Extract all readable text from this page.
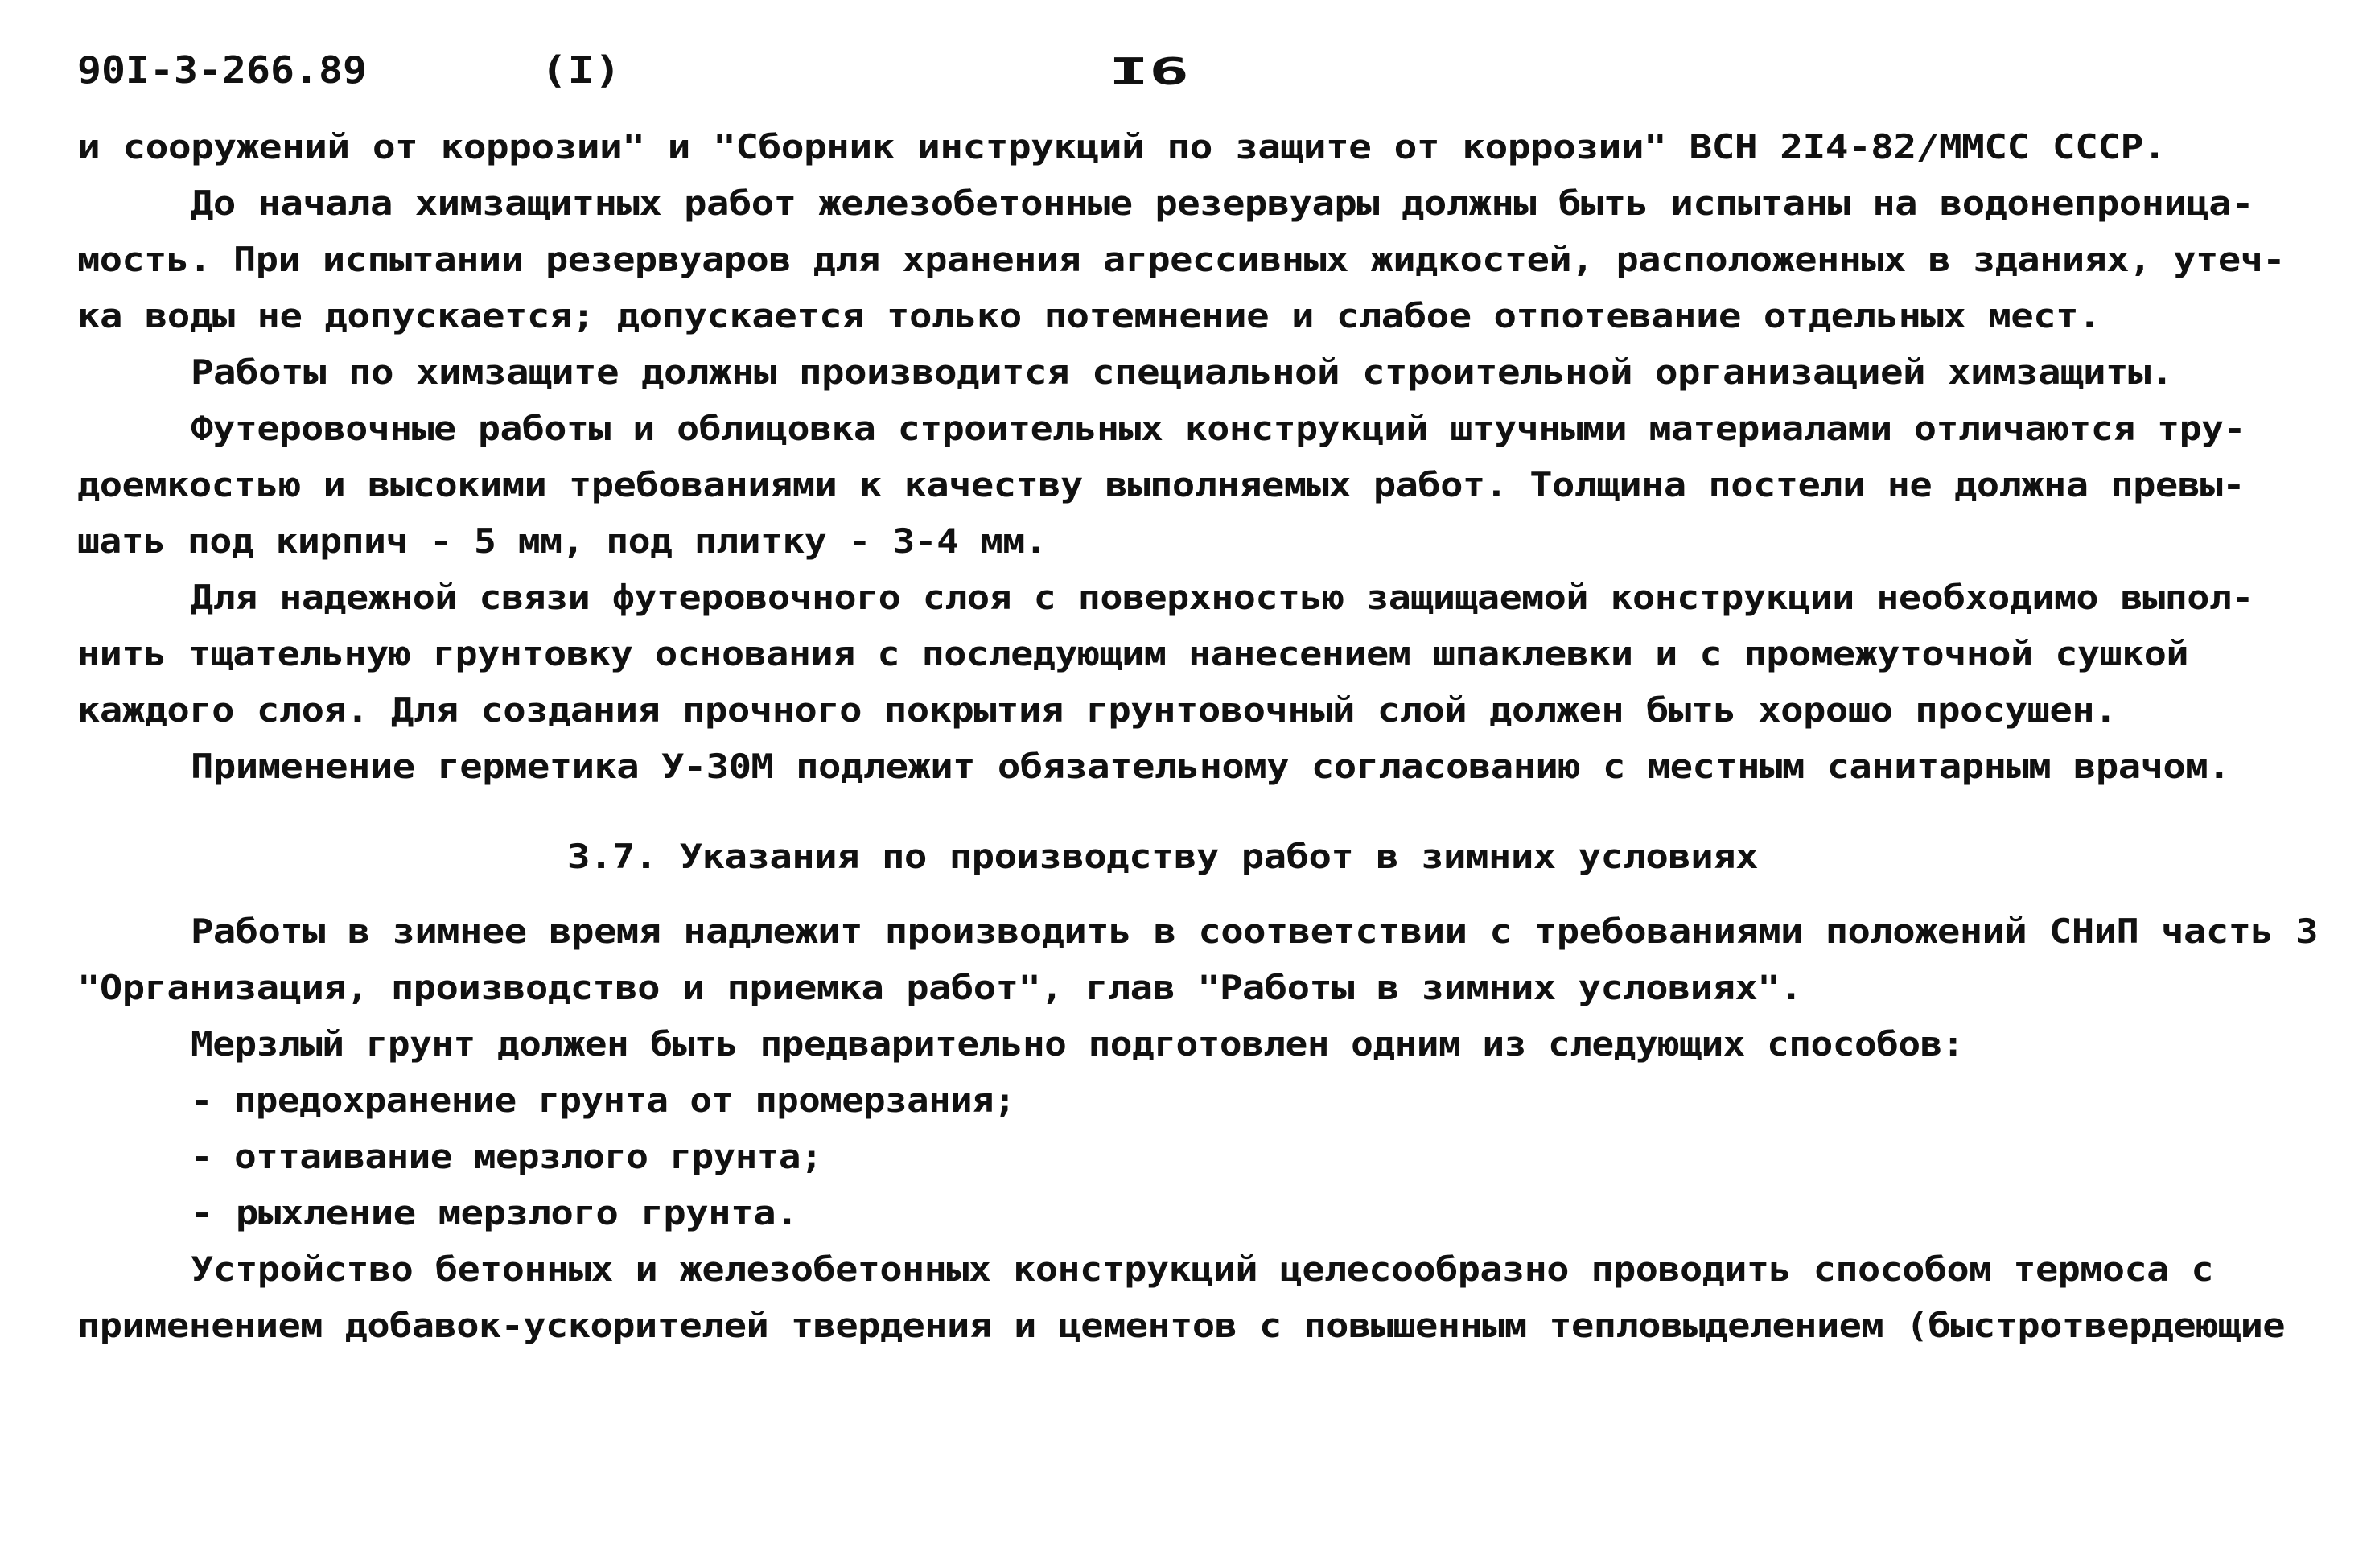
90I-3-266.89	(I)	I6
и сооружений от коррозии" и "Сборник инструкций по защите от коррозии" ВСН 2I4-82/ММСС СССР.
До начала химзащитных работ железобетонные резервуары должны быть испытаны на водонепроница-
мость. При испытании резервуаров для хранения агрессивных жидкостей, расположенных в зданиях, утеч-
ка воды не допускается; допускается только потемнение и слабое отпотевание отдельных мест.
Работы по химзащите должны производится специальной строительной организацией химзащиты.
Футеровочные работы и облицовка строительных конструкций штучными материалами отличаются тру-
доемкостью и высокими требованиями к качеству выполняемых работ. Толщина постели не должна превы-
шать под кирпич - 5 мм, под плитку - 3-4 мм.
Для надежной связи футеровочного слоя с поверхностью защищаемой конструкции необходимо выпол-
нить тщательную грунтовку основания с последующим нанесением шпаклевки и с промежуточной сушкой
каждого слоя. Для создания прочного покрытия грунтовочный слой должен быть хорошо просушен.
Применение герметика У-30М подлежит обязательному согласованию с местным санитарным врачом.
3.7. Указания по производству работ в зимних условиях
Работы в зимнее время надлежит производить в соответствии с требованиями положений СНиП часть 3
"Организация, производство и приемка работ", глав "Работы в зимних условиях".
Мерзлый грунт должен быть предварительно подготовлен одним из следующих способов:
- предохранение грунта от промерзания;
- оттаивание мерзлого грунта;
- рыхление мерзлого грунта.
Устройство бетонных и железобетонных конструкций целесообразно проводить способом термоса с
применением добавок-ускорителей твердения и цементов с повышенным тепловыделением (быстротвердеющие
